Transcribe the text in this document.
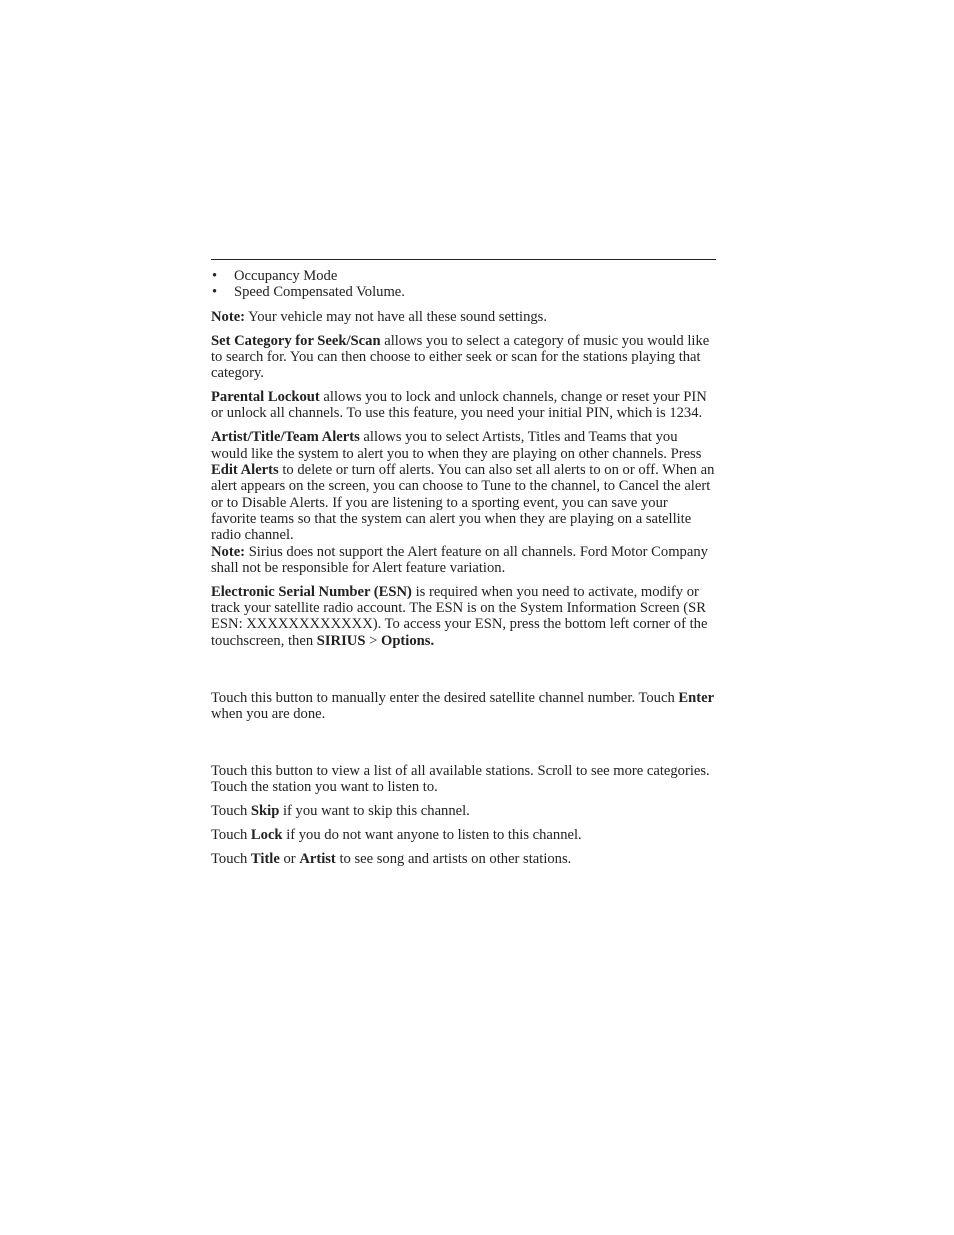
• Occupancy Mode
• Speed Compensated Volume.

Note: Your vehicle may not have all these sound settings.

Set Category for Seek/Scan allows you to select a category of music you would like to search for. You can then choose to either seek or scan for the stations playing that category.

Parental Lockout allows you to lock and unlock channels, change or reset your PIN or unlock all channels. To use this feature, you need your initial PIN, which is 1234.

Artist/Title/Team Alerts allows you to select Artists, Titles and Teams that you would like the system to alert you to when they are playing on other channels. Press Edit Alerts to delete or turn off alerts. You can also set all alerts to on or off. When an alert appears on the screen, you can choose to Tune to the channel, to Cancel the alert or to Disable Alerts. If you are listening to a sporting event, you can save your favorite teams so that the system can alert you when they are playing on a satellite radio channel.

Note: Sirius does not support the Alert feature on all channels. Ford Motor Company shall not be responsible for Alert feature variation.

Electronic Serial Number (ESN) is required when you need to activate, modify or track your satellite radio account. The ESN is on the System Information Screen (SR ESN: XXXXXXXXXXXX). To access your ESN, press the bottom left corner of the touchscreen, then SIRIUS > Options.

Touch this button to manually enter the desired satellite channel number. Touch Enter when you are done.

Touch this button to view a list of all available stations. Scroll to see more categories. Touch the station you want to listen to.

Touch Skip if you want to skip this channel.

Touch Lock if you do not want anyone to listen to this channel.

Touch Title or Artist to see song and artists on other stations.
